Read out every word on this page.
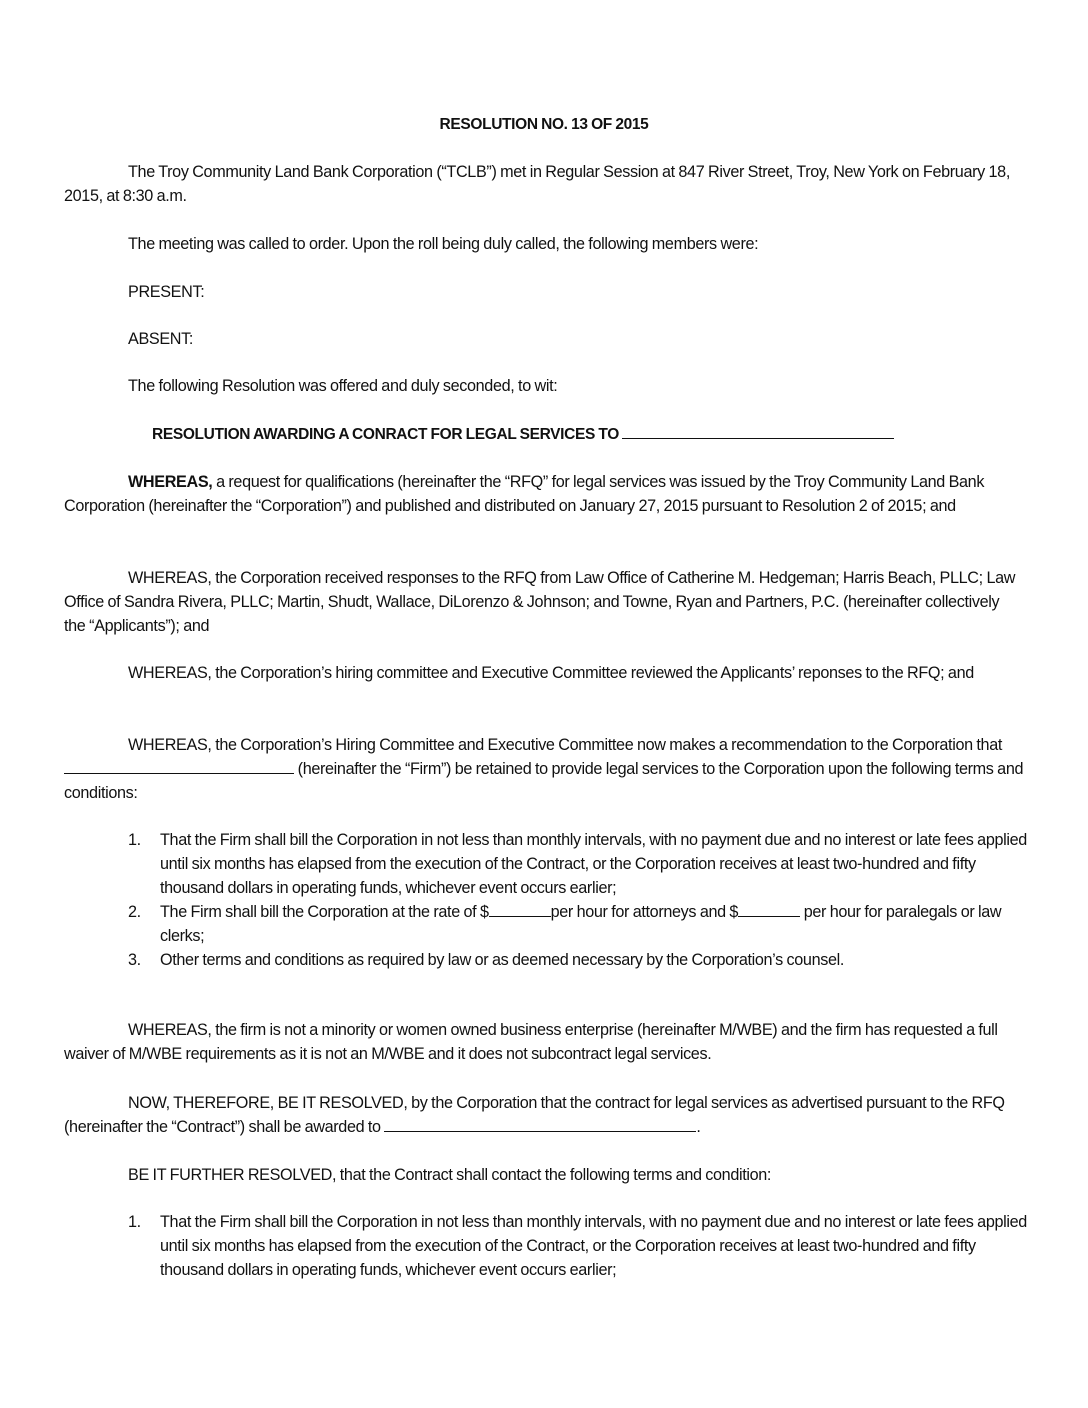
RESOLUTION NO. 13 OF 2015

The Troy Community Land Bank Corporation (“TCLB”) met in Regular Session at 847 River Street, Troy, New York on February 18, 2015, at 8:30 a.m.

The meeting was called to order. Upon the roll being duly called, the following members were:
PRESENT:
ABSENT:
The following Resolution was offered and duly seconded, to wit:
RESOLUTION AWARDING A CONRACT FOR LEGAL SERVICES TO

WHEREAS, a request for qualifications (hereinafter the “RFQ” for legal services was issued by the Troy Community Land Bank Corporation (hereinafter the “Corporation”) and published and distributed on January 27, 2015 pursuant to Resolution 2 of 2015; and

WHEREAS, the Corporation received responses to the RFQ from Law Office of Catherine M. Hedgeman; Harris Beach, PLLC; Law Office of Sandra Rivera, PLLC; Martin, Shudt, Wallace, DiLorenzo & Johnson; and Towne, Ryan and Partners, P.C. (hereinafter collectively the “Applicants”); and

WHEREAS, the Corporation’s hiring committee and Executive Committee reviewed the Applicants’ reponses to the RFQ; and

WHEREAS, the Corporation’s Hiring Committee and Executive Committee now makes a recommendation to the Corporation that  (hereinafter the “Firm”) be retained to provide legal services to the Corporation upon the following terms and conditions:

1. That the Firm shall bill the Corporation in not less than monthly intervals, with no payment due and no interest or late fees applied until six months has elapsed from the execution of the Contract, or the Corporation receives at least two-hundred and fifty thousand dollars in operating funds, whichever event occurs earlier;
2. The Firm shall bill the Corporation at the rate of $	per hour for attorneys and $	per hour for paralegals or law clerks;
3. Other terms and conditions as required by law or as deemed necessary by the Corporation’s counsel.

WHEREAS, the firm is not a minority or women owned business enterprise (hereinafter M/WBE) and the firm has requested a full waiver of M/WBE requirements as it is not an M/WBE and it does not subcontract legal services.

NOW, THEREFORE, BE IT RESOLVED, by the Corporation that the contract for legal services as advertised pursuant to the RFQ (hereinafter the “Contract”) shall be awarded to	.

BE IT FURTHER RESOLVED, that the Contract shall contact the following terms and condition:
1. That the Firm shall bill the Corporation in not less than monthly intervals, with no payment due and no interest or late fees applied until six months has elapsed from the execution of the Contract, or the Corporation receives at least two-hundred and fifty thousand dollars in operating funds, whichever event occurs earlier;
